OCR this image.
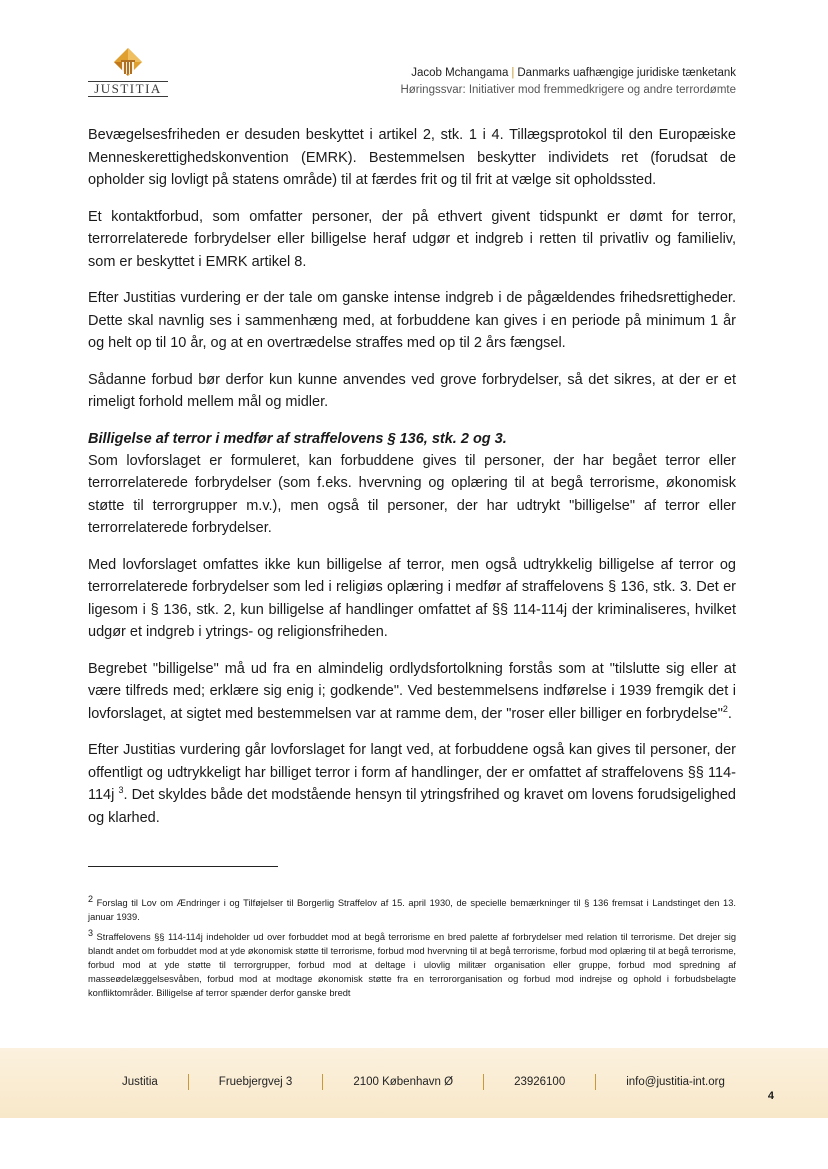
JUSTITIA
Jacob Mchangama | Danmarks uafhængige juridiske tænketank
Høringssvar: Initiativer mod fremmedkrigere og andre terrordømte

Bevægelsesfriheden er desuden beskyttet i artikel 2, stk. 1 i 4. Tillægsprotokol til den Europæiske Menneskerettighedskonvention (EMRK). Bestemmelsen beskytter individets ret (forudsat de opholder sig lovligt på statens område) til at færdes frit og til frit at vælge sit opholdssted.

Et kontaktforbud, som omfatter personer, der på ethvert givent tidspunkt er dømt for terror, terrorrelaterede forbrydelser eller billigelse heraf udgør et indgreb i retten til privatliv og familieliv, som er beskyttet i EMRK artikel 8.

Efter Justitias vurdering er der tale om ganske intense indgreb i de pågældendes frihedsrettigheder. Dette skal navnlig ses i sammenhæng med, at forbuddene kan gives i en periode på minimum 1 år og helt op til 10 år, og at en overtrædelse straffes med op til 2 års fængsel.

Sådanne forbud bør derfor kun kunne anvendes ved grove forbrydelser, så det sikres, at der er et rimeligt forhold mellem mål og midler.

Billigelse af terror i medfør af straffelovens § 136, stk. 2 og 3.

Som lovforslaget er formuleret, kan forbuddene gives til personer, der har begået terror eller terrorrelaterede forbrydelser (som f.eks. hvervning og oplæring til at begå terrorisme, økonomisk støtte til terrorgrupper m.v.), men også til personer, der har udtrykt "billigelse" af terror eller terrorrelaterede forbrydelser.

Med lovforslaget omfattes ikke kun billigelse af terror, men også udtrykkelig billigelse af terror og terrorrelaterede forbrydelser som led i religiøs oplæring i medfør af straffelovens § 136, stk. 3. Det er ligesom i § 136, stk. 2, kun billigelse af handlinger omfattet af §§ 114-114j der kriminaliseres, hvilket udgør et indgreb i ytrings- og religionsfriheden.

Begrebet "billigelse" må ud fra en almindelig ordlydsfortolkning forstås som at "tilslutte sig eller at være tilfreds med; erklære sig enig i; godkende". Ved bestemmelsens indførelse i 1939 fremgik det i lovforslaget, at sigtet med bestemmelsen var at ramme dem, der "roser eller billiger en forbrydelse"$^2$.

Efter Justitias vurdering går lovforslaget for langt ved, at forbuddene også kan gives til personer, der offentligt og udtrykkeligt har billiget terror i form af handlinger, der er omfattet af straffelovens §§ 114-114j $^3$. Det skyldes både det modstående hensyn til ytringsfrihed og kravet om lovens forudsigelighed og klarhed.

$^2$ Forslag til Lov om Ændringer i og Tilføjelser til Borgerlig Straffelov af 15. april 1930, de specielle bemærkninger til § 136 fremsat i Landstinget den 13. januar 1939.

$^3$ Straffelovens §§ 114-114j indeholder ud over forbuddet mod at begå terrorisme en bred palette af forbrydelser med relation til terrorisme. Det drejer sig blandt andet om forbuddet mod at yde økonomisk støtte til terrorisme, forbud mod hvervning til at begå terrorisme, forbud mod oplæring til at begå terrorisme, forbud mod at yde støtte til terrorgrupper, forbud mod at deltage i ulovlig militær organisation eller gruppe, forbud mod spredning af masseødelæggelsesvåben, forbud mod at modtage økonomisk støtte fra en terrororganisation og forbud mod indrejse og ophold i forbudsbelagte konfliktområder. Billigelse af terror spænder derfor ganske bredt

Justitia	Fruebjergvej 3	2100 København Ø	23926100	info@justitia-int.org
4
